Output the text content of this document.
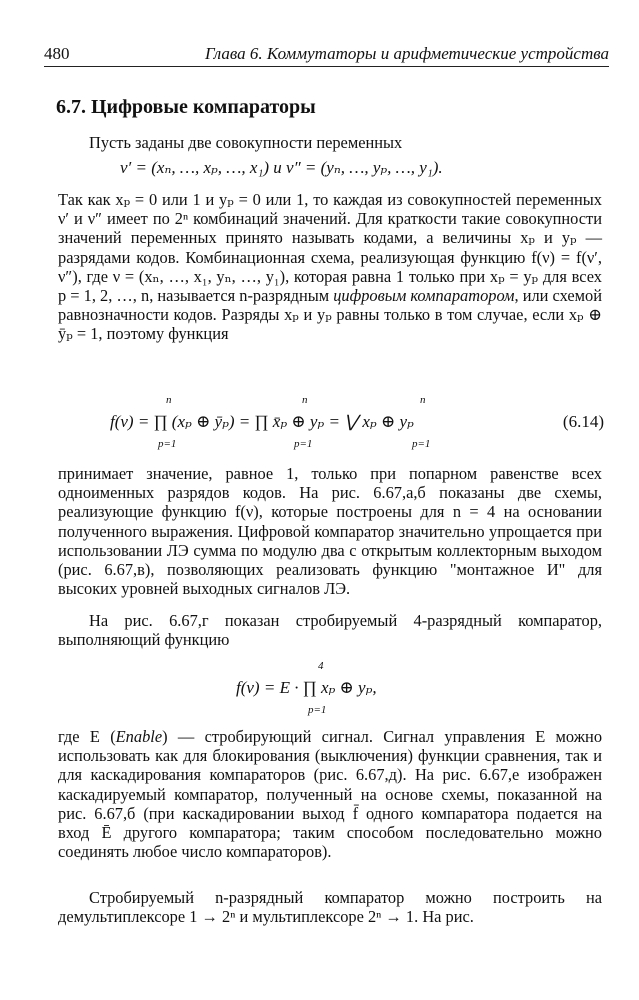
480	Глава 6. Коммутаторы и арифметические устройства
6.7. Цифровые компараторы
Пусть заданы две совокупности переменных
ν′ = (xₙ, …, xₚ, …, x₁) и ν″ = (yₙ, …, yₚ, …, y₁).
Так как xₚ = 0 или 1 и yₚ = 0 или 1, то каждая из совокупностей переменных ν′ и ν″ имеет по 2ⁿ комбинаций значений. Для краткости такие совокупности значений переменных принято называть кодами, а величины xₚ и yₚ — разрядами кодов. Комбинационная схема, реализующая функцию f(ν) = f(ν′, ν″), где ν = (xₙ, …, x₁, yₙ, …, y₁), которая равна 1 только при xₚ = yₚ для всех p = 1, 2, …, n, называется n-разрядным цифровым компаратором, или схемой равнозначности кодов. Разряды xₚ и yₚ равны только в том случае, если xₚ ⊕ ȳₚ = 1, поэтому функция
n
p=1
n
p=1
n
p=1
f(ν) = ∏ (xₚ ⊕ ȳₚ) = ∏ x̄ₚ ⊕ yₚ = ⋁ xₚ ⊕ yₚ	(6.14)
принимает значение, равное 1, только при попарном равенстве всех одноименных разрядов кодов. На рис. 6.67,а,б показаны две схемы, реализующие функцию f(ν), которые построены для n = 4 на основании полученного выражения. Цифровой компаратор значительно упрощается при использовании ЛЭ сумма по модулю два с открытым коллекторным выходом (рис. 6.67,в), позволяющих реализовать функцию "монтажное И" для высоких уровней выходных сигналов ЛЭ.
На рис. 6.67,г показан стробируемый 4-разрядный компаратор, выполняющий функцию
4
p=1
f(ν) = E · ∏ xₚ ⊕ yₚ,
где E (Enable) — стробирующий сигнал. Сигнал управления E можно использовать как для блокирования (выключения) функции сравнения, так и для каскадирования компараторов (рис. 6.67,д). На рис. 6.67,е изображен каскадируемый компаратор, полученный на основе схемы, показанной на рис. 6.67,б (при каскадировании выход f̄ одного компаратора подается на вход Ē другого компаратора; таким способом последовательно можно соединять любое число компараторов).
Стробируемый n-разрядный компаратор можно построить на демультиплексоре 1 → 2ⁿ и мультиплексоре 2ⁿ → 1. На рис.
